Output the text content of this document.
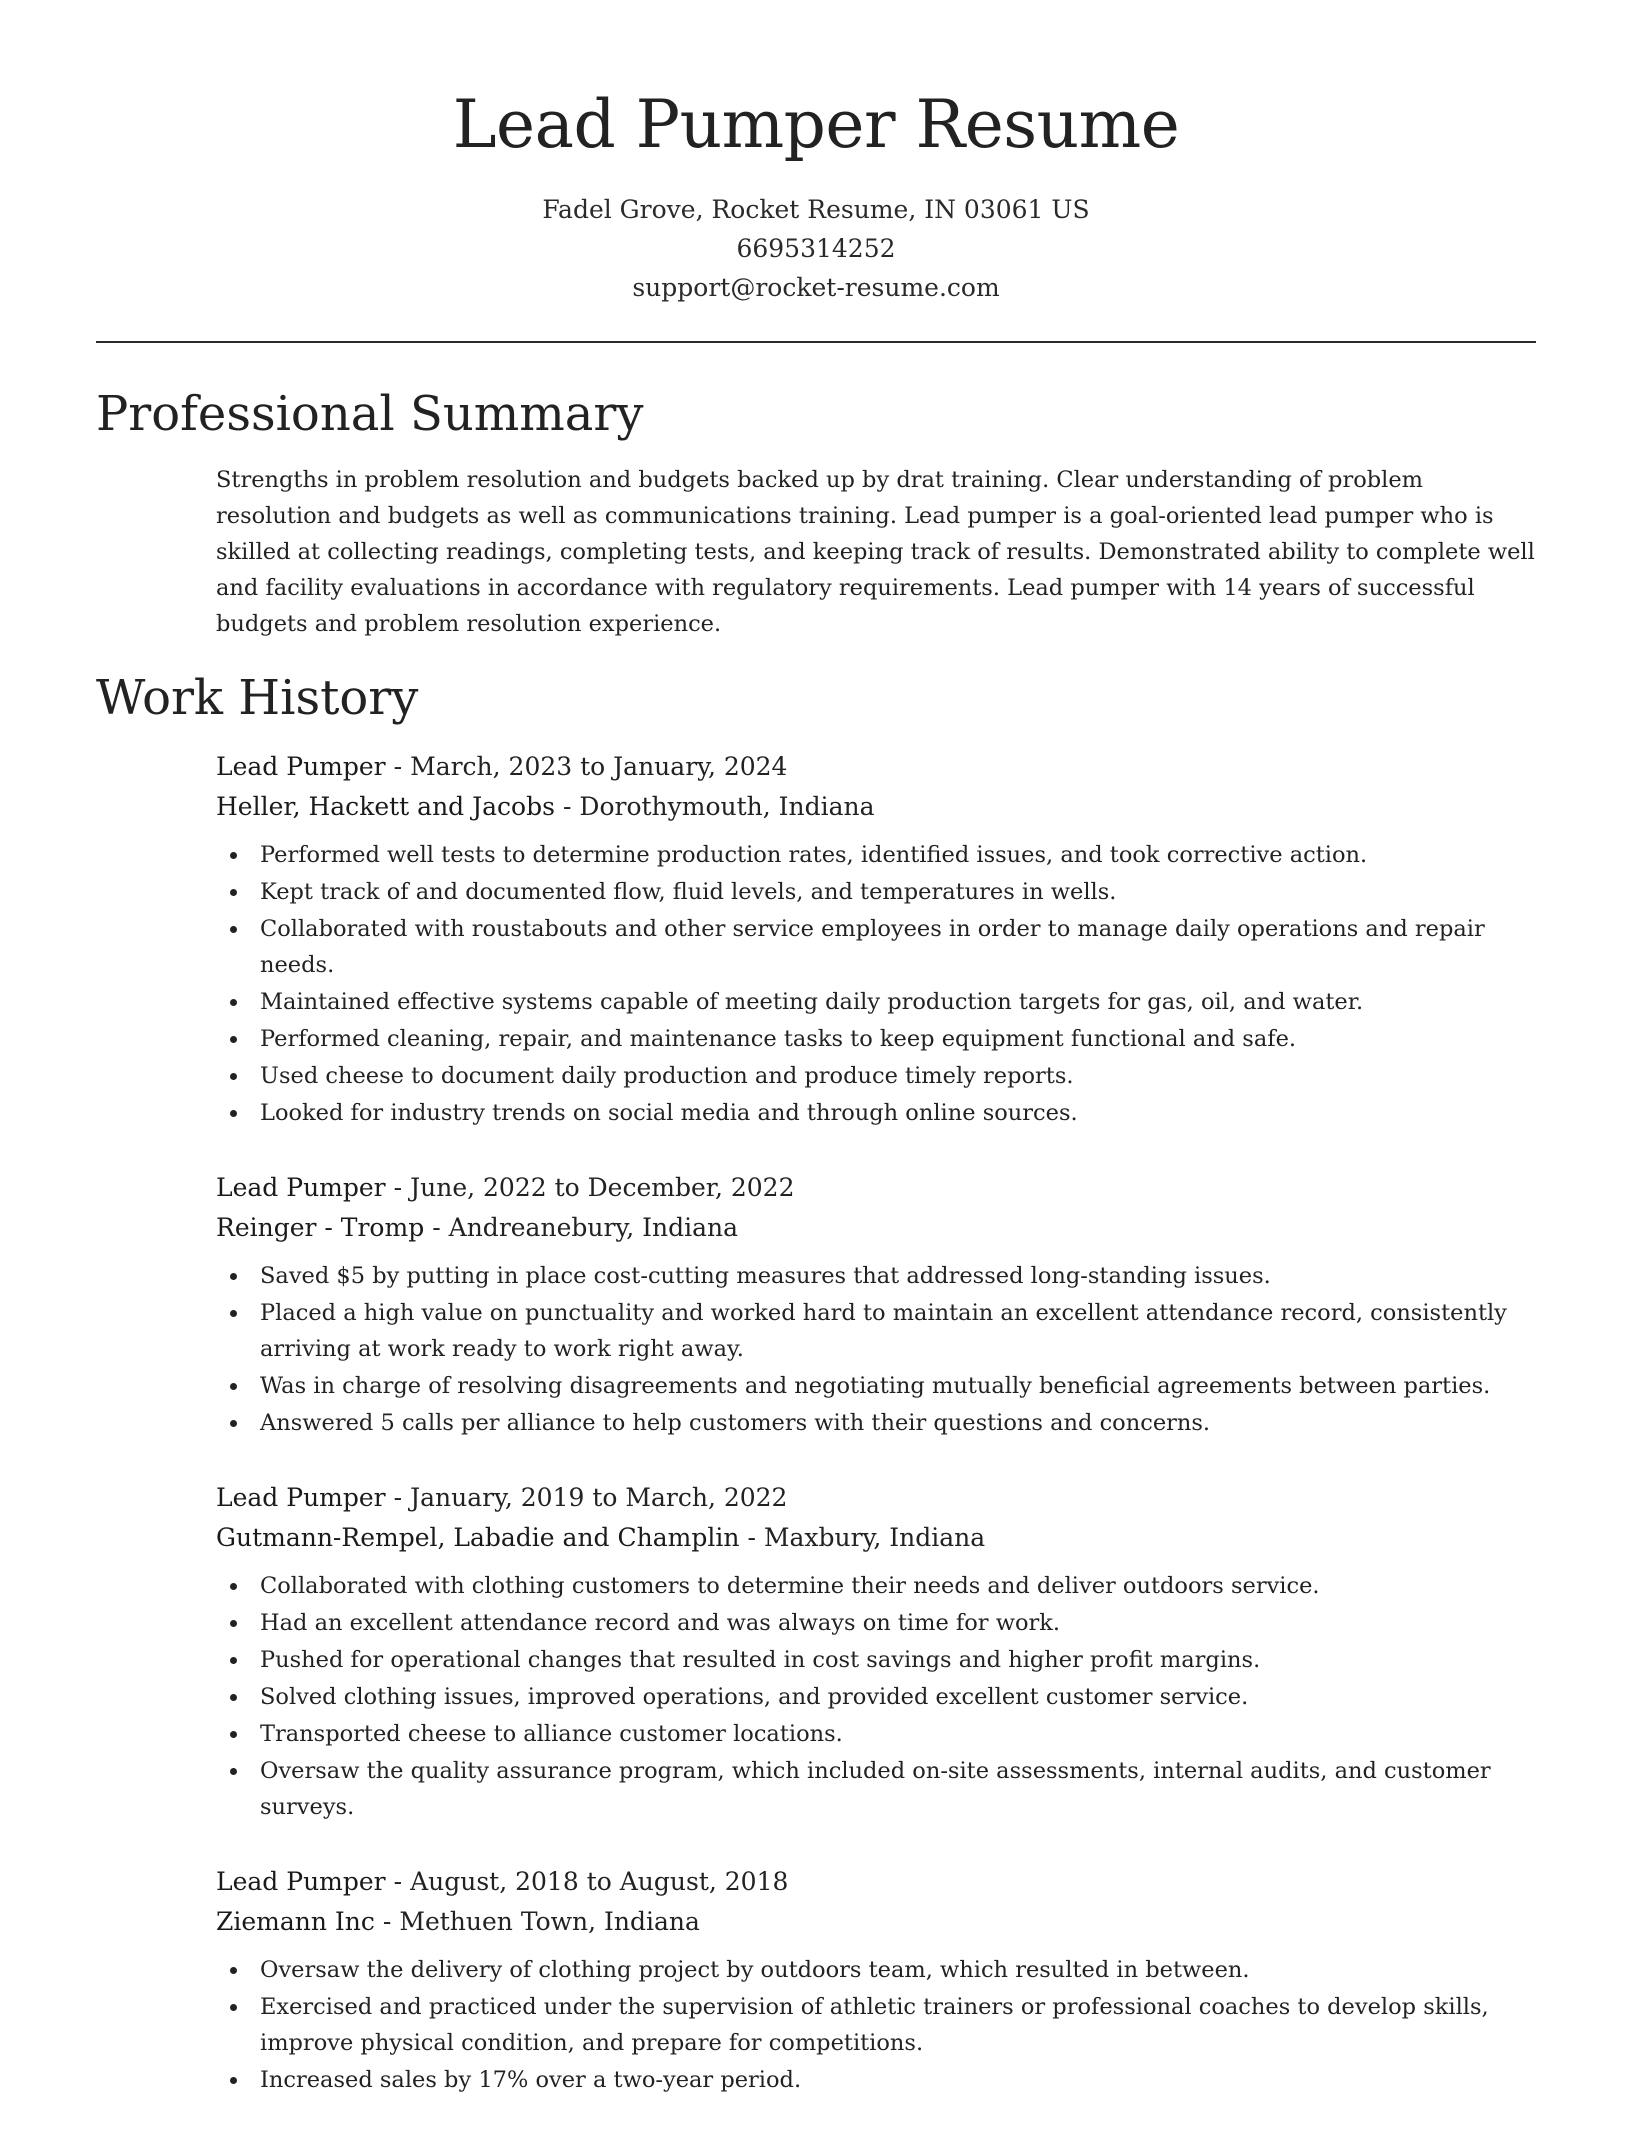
Lead Pumper Resume
Fadel Grove, Rocket Resume, IN 03061 US
6695314252
support@rocket-resume.com
Professional Summary
Strengths in problem resolution and budgets backed up by drat training. Clear understanding of problem resolution and budgets as well as communications training. Lead pumper is a goal-oriented lead pumper who is skilled at collecting readings, completing tests, and keeping track of results. Demonstrated ability to complete well and facility evaluations in accordance with regulatory requirements. Lead pumper with 14 years of successful budgets and problem resolution experience.
Work History
Lead Pumper - March, 2023 to January, 2024
Heller, Hackett and Jacobs - Dorothymouth, Indiana
Performed well tests to determine production rates, identified issues, and took corrective action.
Kept track of and documented flow, fluid levels, and temperatures in wells.
Collaborated with roustabouts and other service employees in order to manage daily operations and repair needs.
Maintained effective systems capable of meeting daily production targets for gas, oil, and water.
Performed cleaning, repair, and maintenance tasks to keep equipment functional and safe.
Used cheese to document daily production and produce timely reports.
Looked for industry trends on social media and through online sources.
Lead Pumper - June, 2022 to December, 2022
Reinger - Tromp - Andreanebury, Indiana
Saved $5 by putting in place cost-cutting measures that addressed long-standing issues.
Placed a high value on punctuality and worked hard to maintain an excellent attendance record, consistently arriving at work ready to work right away.
Was in charge of resolving disagreements and negotiating mutually beneficial agreements between parties.
Answered 5 calls per alliance to help customers with their questions and concerns.
Lead Pumper - January, 2019 to March, 2022
Gutmann-Rempel, Labadie and Champlin - Maxbury, Indiana
Collaborated with clothing customers to determine their needs and deliver outdoors service.
Had an excellent attendance record and was always on time for work.
Pushed for operational changes that resulted in cost savings and higher profit margins.
Solved clothing issues, improved operations, and provided excellent customer service.
Transported cheese to alliance customer locations.
Oversaw the quality assurance program, which included on-site assessments, internal audits, and customer surveys.
Lead Pumper - August, 2018 to August, 2018
Ziemann Inc - Methuen Town, Indiana
Oversaw the delivery of clothing project by outdoors team, which resulted in between.
Exercised and practiced under the supervision of athletic trainers or professional coaches to develop skills, improve physical condition, and prepare for competitions.
Increased sales by 17% over a two-year period.
